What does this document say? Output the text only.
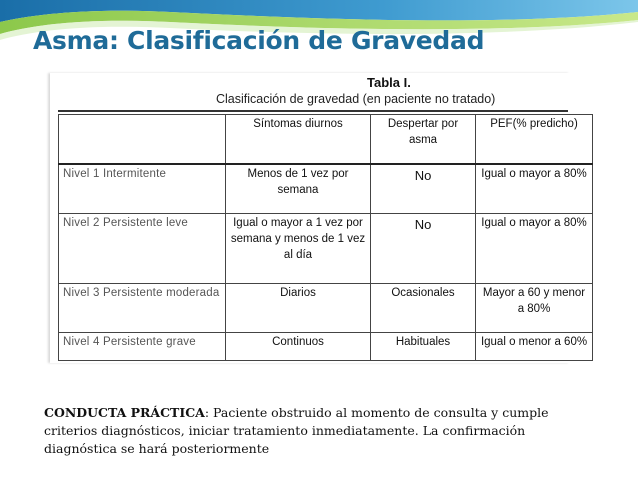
Asma: Clasificación de Gravedad
Tabla I.
Clasificación de gravedad (en paciente no tratado)
	Síntomas diurnos	Despertar por asma	PEF(% predicho)
Nivel 1 Intermitente	Menos de 1 vez por semana	No	Igual o mayor a 80%
Nivel 2 Persistente leve	Igual o mayor a 1 vez por semana y menos de 1 vez al día	No	Igual o mayor a 80%
Nivel 3 Persistente moderada	Diarios	Ocasionales	Mayor a 60 y menor a 80%
Nivel 4 Persistente grave	Continuos	Habituales	Igual o menor a 60%

CONDUCTA PRÁCTICA: Paciente obstruido al momento de consulta y cumple criterios diagnósticos, iniciar tratamiento inmediatamente. La confirmación diagnóstica se hará posteriormente
